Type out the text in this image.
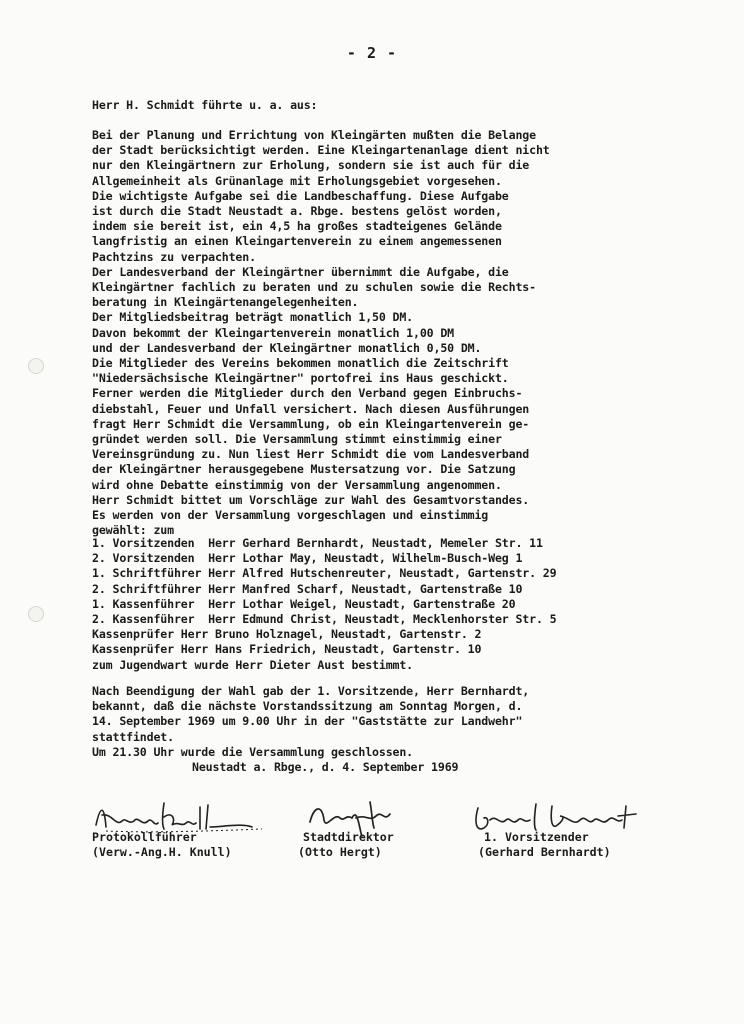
- 2 -
Herr H. Schmidt führte u. a. aus:
Bei der Planung und Errichtung von Kleingärten mußten die Belange
der Stadt berücksichtigt werden. Eine Kleingartenanlage dient nicht
nur den Kleingärtnern zur Erholung, sondern sie ist auch für die
Allgemeinheit als Grünanlage mit Erholungsgebiet vorgesehen.
Die wichtigste Aufgabe sei die Landbeschaffung. Diese Aufgabe
ist durch die Stadt Neustadt a. Rbge. bestens gelöst worden,
indem sie bereit ist, ein 4,5 ha großes stadteigenes Gelände
langfristig an einen Kleingartenverein zu einem angemessenen
Pachtzins zu verpachten.
Der Landesverband der Kleingärtner übernimmt die Aufgabe, die
Kleingärtner fachlich zu beraten und zu schulen sowie die Rechts-
beratung in Kleingärtenangelegenheiten.
Der Mitgliedsbeitrag beträgt monatlich 1,50 DM.
Davon bekommt der Kleingartenverein monatlich 1,00 DM
und der Landesverband der Kleingärtner monatlich 0,50 DM.
Die Mitglieder des Vereins bekommen monatlich die Zeitschrift
"Niedersächsische Kleingärtner" portofrei ins Haus geschickt.
Ferner werden die Mitglieder durch den Verband gegen Einbruchs-
diebstahl, Feuer und Unfall versichert. Nach diesen Ausführungen
fragt Herr Schmidt die Versammlung, ob ein Kleingartenverein ge-
gründet werden soll. Die Versammlung stimmt einstimmig einer
Vereinsgründung zu. Nun liest Herr Schmidt die vom Landesverband
der Kleingärtner herausgegebene Mustersatzung vor. Die Satzung
wird ohne Debatte einstimmig von der Versammlung angenommen.
Herr Schmidt bittet um Vorschläge zur Wahl des Gesamtvorstandes.
Es werden von der Versammlung vorgeschlagen und einstimmig
gewählt: zum
1. Vorsitzenden  Herr Gerhard Bernhardt, Neustadt, Memeler Str. 11
2. Vorsitzenden  Herr Lothar May, Neustadt, Wilhelm-Busch-Weg 1
1. Schriftführer Herr Alfred Hutschenreuter, Neustadt, Gartenstr. 29
2. Schriftführer Herr Manfred Scharf, Neustadt, Gartenstraße 10
1. Kassenführer  Herr Lothar Weigel, Neustadt, Gartenstraße 20
2. Kassenführer  Herr Edmund Christ, Neustadt, Mecklenhorster Str. 5
Kassenprüfer Herr Bruno Holznagel, Neustadt, Gartenstr. 2
Kassenprüfer Herr Hans Friedrich, Neustadt, Gartenstr. 10
zum Jugendwart wurde Herr Dieter Aust bestimmt.
Nach Beendigung der Wahl gab der 1. Vorsitzende, Herr Bernhardt,
bekannt, daß die nächste Vorstandssitzung am Sonntag Morgen, d.
14. September 1969 um 9.00 Uhr in der "Gaststätte zur Landwehr"
stattfindet.
Um 21.30 Uhr wurde die Versammlung geschlossen.
Neustadt a. Rbge., d. 4. September 1969
Protokollführer
(Verw.-Ang.H. Knull)
Stadtdirektor
(Otto Hergt)
1. Vorsitzender
(Gerhard Bernhardt)
